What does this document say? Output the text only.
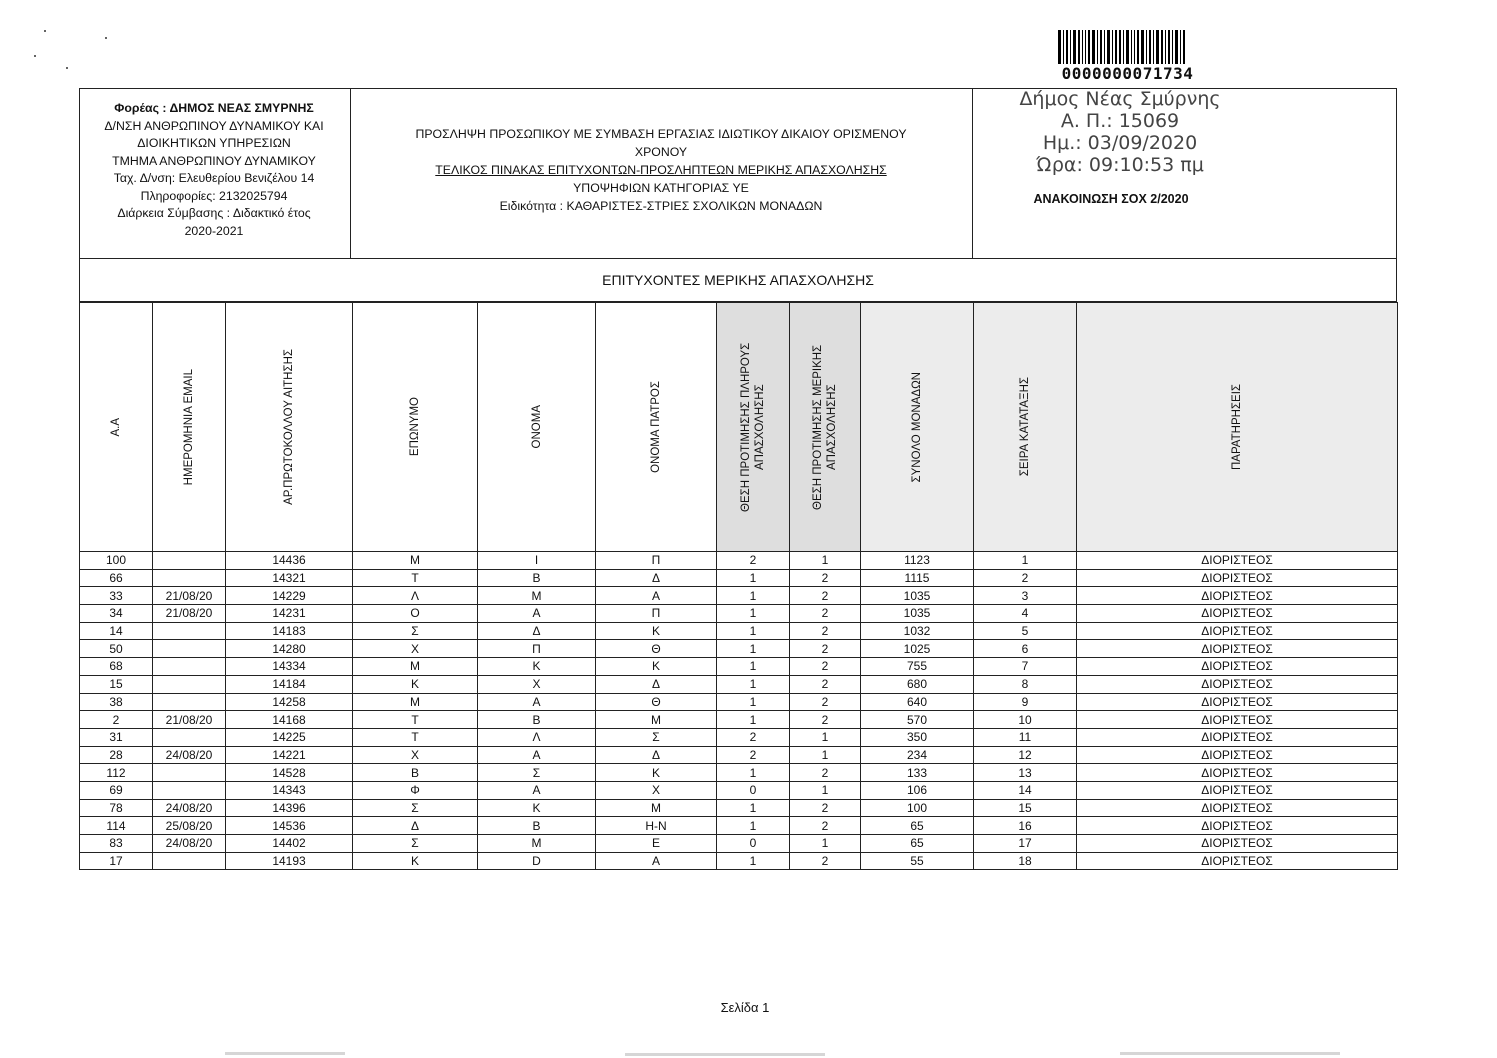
0000000071734
Δήμος Νέας Σμύρνης
Α. Π.: 15069
Ημ.: 03/09/2020
Ώρα: 09:10:53 πμ
Φορέας : ΔΗΜΟΣ ΝΕΑΣ ΣΜΥΡΝΗΣ
Δ/ΝΣΗ ΑΝΘΡΩΠΙΝΟΥ ΔΥΝΑΜΙΚΟΥ ΚΑΙ
ΔΙΟΙΚΗΤΙΚΩΝ ΥΠΗΡΕΣΙΩΝ
ΤΜΗΜΑ ΑΝΘΡΩΠΙΝΟΥ ΔΥΝΑΜΙΚΟΥ
Ταχ. Δ/νση: Ελευθερίου Βενιζέλου 14
Πληροφορίες: 2132025794
Διάρκεια Σύμβασης : Διδακτικό έτος
2020-2021
ΠΡΟΣΛΗΨΗ ΠΡΟΣΩΠΙΚΟΥ ΜΕ ΣΥΜΒΑΣΗ ΕΡΓΑΣΙΑΣ ΙΔΙΩΤΙΚΟΥ ΔΙΚΑΙΟΥ ΟΡΙΣΜΕΝΟΥ
ΧΡΟΝΟΥ
ΤΕΛΙΚΟΣ ΠΙΝΑΚΑΣ ΕΠΙΤΥΧΟΝΤΩΝ-ΠΡΟΣΛΗΠΤΕΩΝ ΜΕΡΙΚΗΣ ΑΠΑΣΧΟΛΗΣΗΣ
ΥΠΟΨΗΦΙΩΝ ΚΑΤΗΓΟΡΙΑΣ ΥΕ
Ειδικότητα : ΚΑΘΑΡΙΣΤΕΣ-ΣΤΡΙΕΣ ΣΧΟΛΙΚΩΝ ΜΟΝΑΔΩΝ	ΑΝΑΚΟΙΝΩΣΗ ΣΟΧ 2/2020
ΕΠΙΤΥΧΟΝΤΕΣ ΜΕΡΙΚΗΣ ΑΠΑΣΧΟΛΗΣΗΣ
Α.Α	ΗΜΕΡΟΜΗΝΙΑ EMAIL	ΑΡ.ΠΡΩΤΟΚΟΛΛΟΥ ΑΙΤΗΣΗΣ	ΕΠΩΝΥΜΟ	ΟΝΟΜΑ	ΟΝΟΜΑ ΠΑΤΡΟΣ	ΘΕΣΗ ΠΡΟΤΙΜΗΣΗΣ ΠΛΗΡΟΥΣ ΑΠΑΣΧΟΛΗΣΗΣ	ΘΕΣΗ ΠΡΟΤΙΜΗΣΗΣ ΜΕΡΙΚΗΣ ΑΠΑΣΧΟΛΗΣΗΣ	ΣΥΝΟΛΟ ΜΟΝΑΔΩΝ	ΣΕΙΡΑ ΚΑΤΑΤΑΞΗΣ	ΠΑΡΑΤΗΡΗΣΕΙΣ

100		14436	Μ	Ι	Π	2	1	1123	1	ΔΙΟΡΙΣΤΕΟΣ
66		14321	Τ	Β	Δ	1	2	1115	2	ΔΙΟΡΙΣΤΕΟΣ
33	21/08/20	14229	Λ	Μ	Α	1	2	1035	3	ΔΙΟΡΙΣΤΕΟΣ
34	21/08/20	14231	Ο	Α	Π	1	2	1035	4	ΔΙΟΡΙΣΤΕΟΣ
14		14183	Σ	Δ	Κ	1	2	1032	5	ΔΙΟΡΙΣΤΕΟΣ
50		14280	Χ	Π	Θ	1	2	1025	6	ΔΙΟΡΙΣΤΕΟΣ
68		14334	Μ	Κ	Κ	1	2	755	7	ΔΙΟΡΙΣΤΕΟΣ
15		14184	Κ	Χ	Δ	1	2	680	8	ΔΙΟΡΙΣΤΕΟΣ
38		14258	Μ	Α	Θ	1	2	640	9	ΔΙΟΡΙΣΤΕΟΣ
2	21/08/20	14168	Τ	Β	Μ	1	2	570	10	ΔΙΟΡΙΣΤΕΟΣ
31		14225	Τ	Λ	Σ	2	1	350	11	ΔΙΟΡΙΣΤΕΟΣ
28	24/08/20	14221	Χ	Α	Δ	2	1	234	12	ΔΙΟΡΙΣΤΕΟΣ
112		14528	Β	Σ	Κ	1	2	133	13	ΔΙΟΡΙΣΤΕΟΣ
69		14343	Φ	Α	Χ	0	1	106	14	ΔΙΟΡΙΣΤΕΟΣ
78	24/08/20	14396	Σ	Κ	Μ	1	2	100	15	ΔΙΟΡΙΣΤΕΟΣ
114	25/08/20	14536	Δ	Β	Η-Ν	1	2	65	16	ΔΙΟΡΙΣΤΕΟΣ
83	24/08/20	14402	Σ	Μ	Ε	0	1	65	17	ΔΙΟΡΙΣΤΕΟΣ
17		14193	Κ	D	Α	1	2	55	18	ΔΙΟΡΙΣΤΕΟΣ
Σελίδα 1
